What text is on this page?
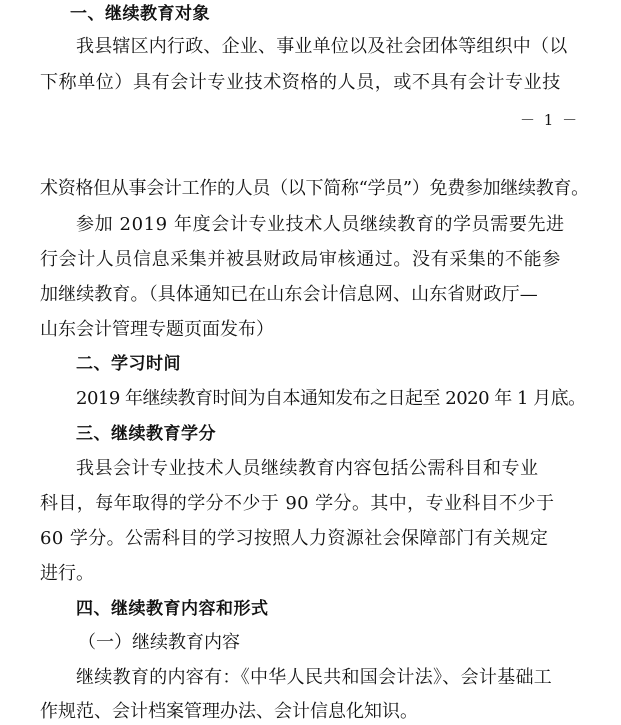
一、继续教育对象
我县辖区内行政、企业、事业单位以及社会团体等组织中（以
下称单位）具有会计专业技术资格的人员，或不具有会计专业技
－ 1 －
术资格但从事会计工作的人员（以下简称“学员”）免费参加继续教育。
参加 2019 年度会计专业技术人员继续教育的学员需要先进
行会计人员信息采集并被县财政局审核通过。没有采集的不能参
加继续教育。（具体通知已在山东会计信息网、山东省财政厅—
山东会计管理专题页面发布）
二、学习时间
2019 年继续教育时间为自本通知发布之日起至 2020 年 1 月底。
三、继续教育学分
我县会计专业技术人员继续教育内容包括公需科目和专业
科目，每年取得的学分不少于 90 学分。其中，专业科目不少于
60 学分。公需科目的学习按照人力资源社会保障部门有关规定
进行。
四、继续教育内容和形式
（一）继续教育内容
继续教育的内容有：《中华人民共和国会计法》、会计基础工
作规范、会计档案管理办法、会计信息化知识。
